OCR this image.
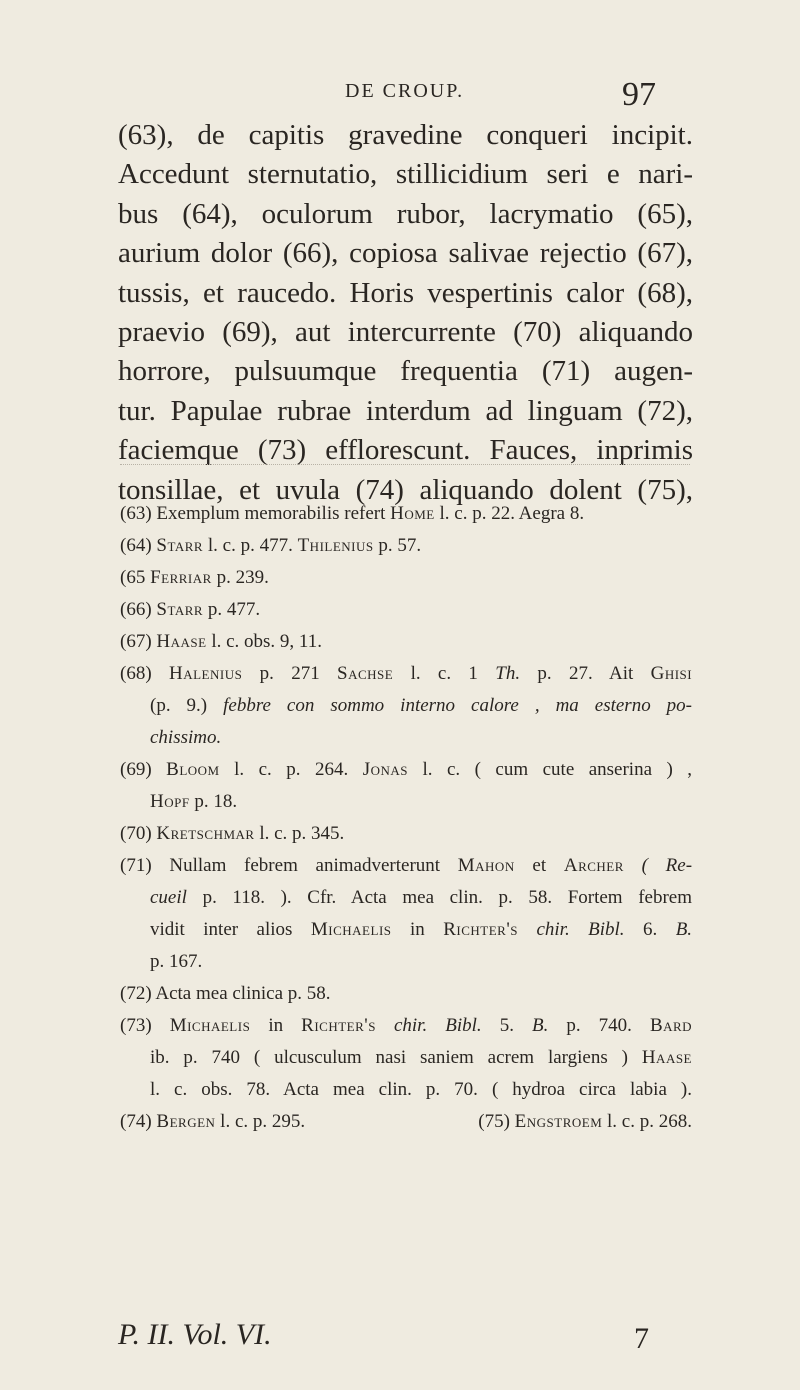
DE CROUP.	97
(63), de capitis gravedine conqueri incipit.
Accedunt sternutatio, stillicidium seri e nari-
bus (64), oculorum rubor, lacrymatio (65),
aurium dolor (66), copiosa salivae rejectio (67),
tussis, et raucedo. Horis vespertinis calor (68),
praevio (69), aut intercurrente (70) aliquando
horrore, pulsuumque frequentia (71) augen-
tur. Papulae rubrae interdum ad linguam (72),
faciemque (73) efflorescunt. Fauces, inprimis
tonsillae, et uvula (74) aliquando dolent (75),
(63) Exemplum memorabilis refert Home l. c. p. 22. Aegra 8.
(64) Starr l. c. p. 477. Thilenius p. 57.
(65 Ferriar p. 239.
(66) Starr p. 477.
(67) Haase l. c. obs. 9, 11.
(68) Halenius p. 271 Sachse l. c. 1 Th. p. 27. Ait Ghisi
(p. 9.) febbre con sommo interno calore , ma esterno po-
chissimo.
(69) Bloom l. c. p. 264. Jonas l. c. ( cum cute anserina ) ,
Hopf p. 18.
(70) Kretschmar l. c. p. 345.
(71) Nullam febrem animadverterunt Mahon et Archer ( Re-
cueil p. 118. ). Cfr. Acta mea clin. p. 58. Fortem febrem
vidit inter alios Michaelis in Richter's chir. Bibl. 6. B.
p. 167.
(72) Acta mea clinica p. 58.
(73) Michaelis in Richter's chir. Bibl. 5. B. p. 740. Bard
ib. p. 740 ( ulcusculum nasi saniem acrem largiens ) Haase
l. c. obs. 78. Acta mea clin. p. 70. ( hydroa circa labia ).
(74) Bergen l. c. p. 295.	(75) Engstroem l. c. p. 268.
P. II. Vol. VI.	7
